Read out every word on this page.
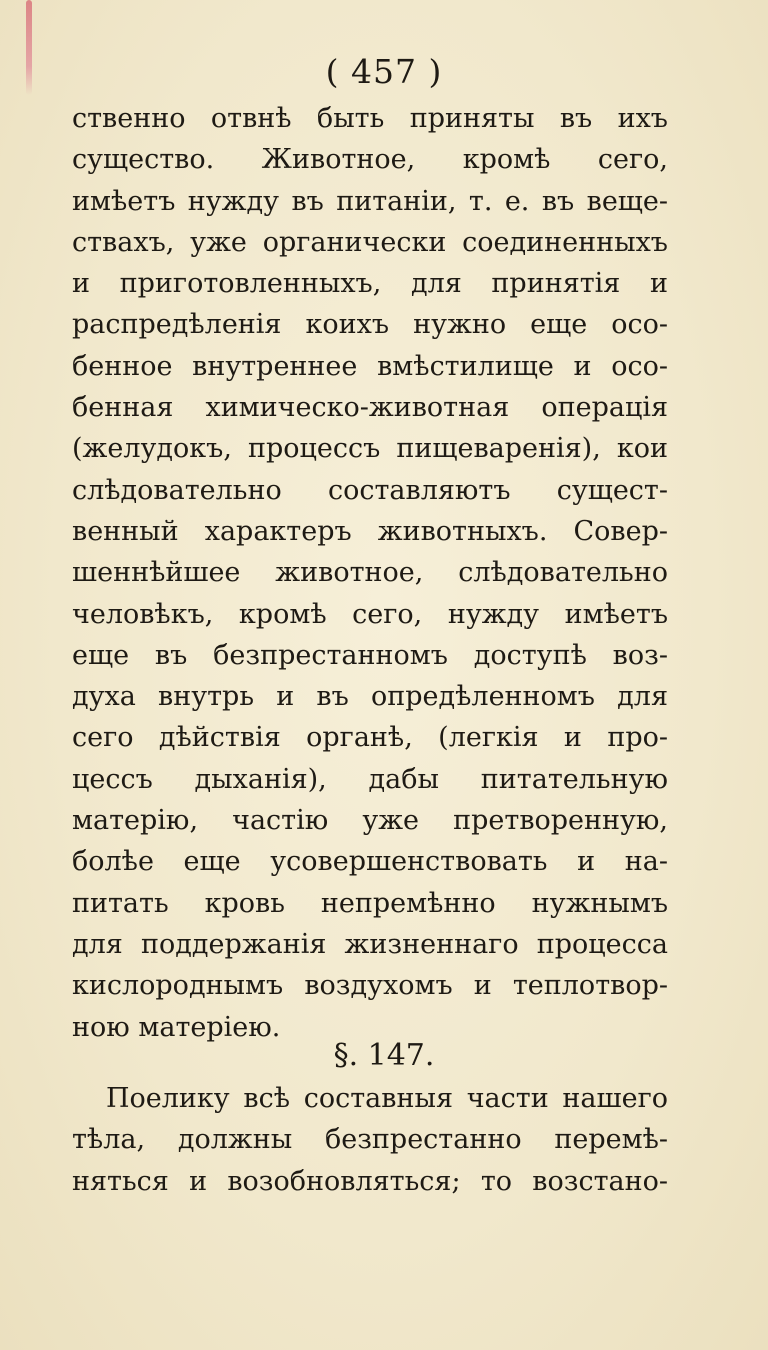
( 457 )
ственно отвнѣ быть приняты въ ихъ
существо. Животное, кромѣ сего,
имѣетъ нужду въ питаніи, т. е. въ веще-
ствахъ, уже органически соединенныхъ
и приготовленныхъ, для принятія и
распредѣленія коихъ нужно еще осо-
бенное внутреннее вмѣстилище и осо-
бенная химическо-животная операція
(желудокъ, процессъ пищеваренія), кои
слѣдовательно составляютъ сущест-
венный характеръ животныхъ. Совер-
шеннѣйшее животное, слѣдовательно
человѣкъ, кромѣ сего, нужду имѣетъ
еще въ безпрестанномъ доступѣ воз-
духа внутрь и въ опредѣленномъ для
сего дѣйствія органѣ, (легкія и про-
цессъ дыханія), дабы питательную
матерію, частію уже претворенную,
болѣе еще усовершенствовать и на-
питать кровь непремѣнно нужнымъ
для поддержанія жизненнаго процесса
кислороднымъ воздухомъ и теплотвор-
ною матеріею.
§. 147.
Поелику всѣ составныя части нашего
тѣла, должны безпрестанно перемѣ-
няться и возобновляться; то возстано-
